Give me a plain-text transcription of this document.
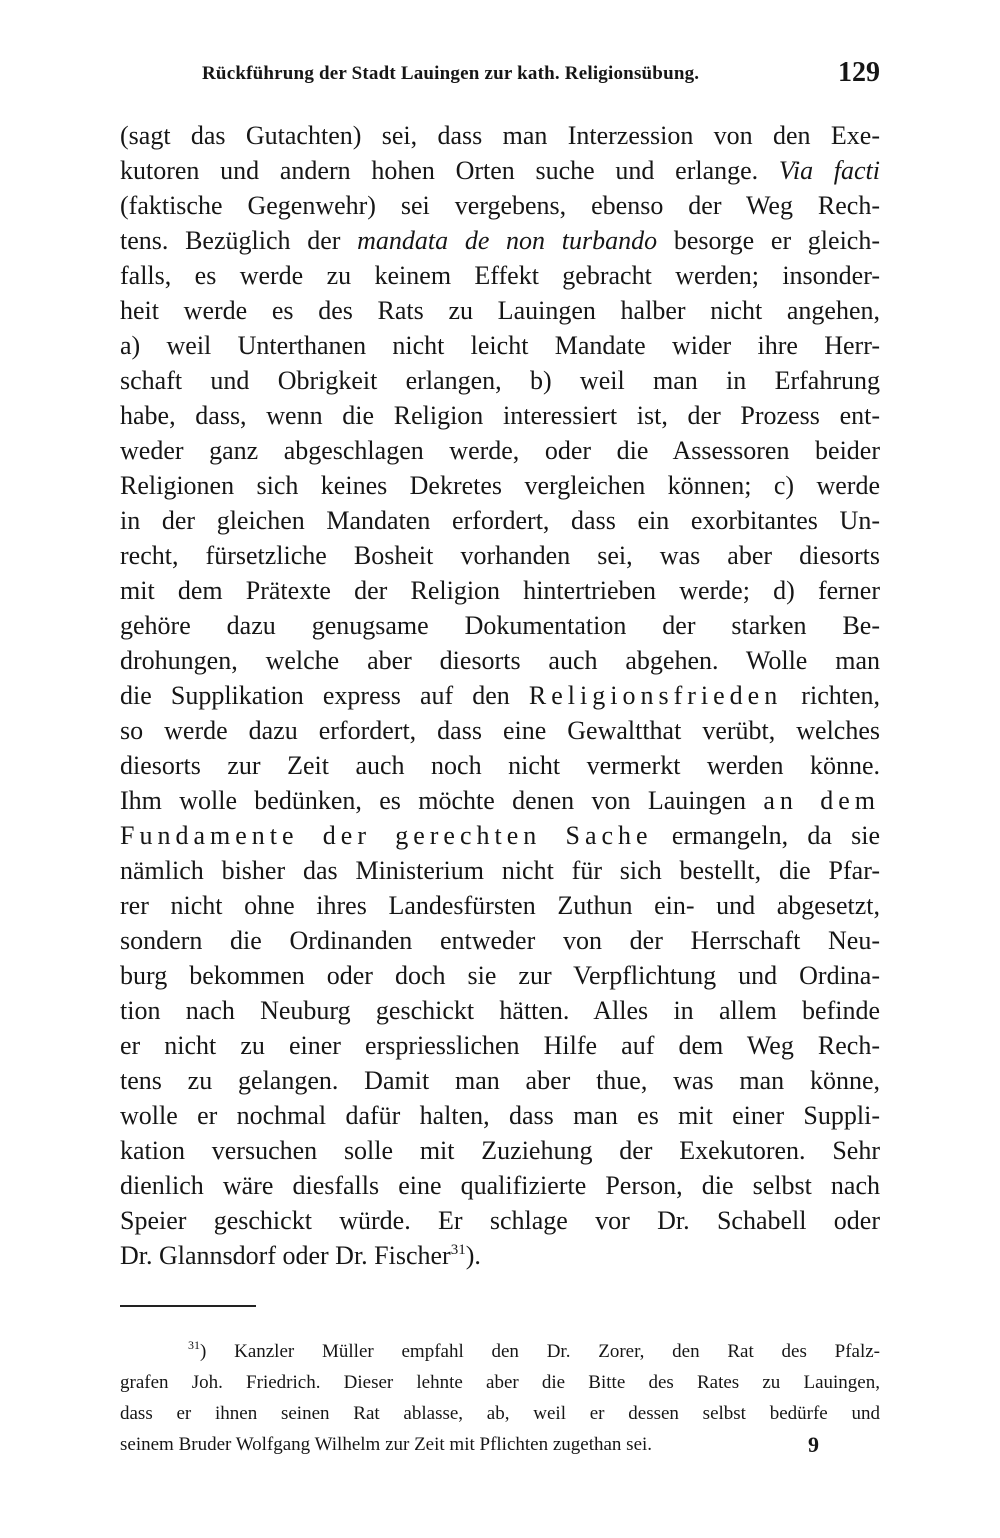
Rückführung der Stadt Lauingen zur kath. Religionsübung.	129
(sagt das Gutachten) sei, dass man Interzession von den Exe-
kutoren und andern hohen Orten suche und erlange. Via facti
(faktische Gegenwehr) sei vergebens, ebenso der Weg Rech-
tens. Bezüglich der mandata de non turbando besorge er gleich-
falls, es werde zu keinem Effekt gebracht werden; insonder-
heit werde es des Rats zu Lauingen halber nicht angehen,
a) weil Unterthanen nicht leicht Mandate wider ihre Herr-
schaft und Obrigkeit erlangen, b) weil man in Erfahrung
habe, dass, wenn die Religion interessiert ist, der Prozess ent-
weder ganz abgeschlagen werde, oder die Assessoren beider
Religionen sich keines Dekretes vergleichen können; c) werde
in der gleichen Mandaten erfordert, dass ein exorbitantes Un-
recht, fürsetzliche Bosheit vorhanden sei, was aber diesorts
mit dem Prätexte der Religion hintertrieben werde; d) ferner
gehöre dazu genugsame Dokumentation der starken Be-
drohungen, welche aber diesorts auch abgehen. Wolle man
die Supplikation express auf den Religionsfrieden richten,
so werde dazu erfordert, dass eine Gewaltthat verübt, welches
diesorts zur Zeit auch noch nicht vermerkt werden könne.
Ihm wolle bedünken, es möchte denen von Lauingen an dem
Fundamente der gerechten Sache ermangeln, da sie
nämlich bisher das Ministerium nicht für sich bestellt, die Pfar-
rer nicht ohne ihres Landesfürsten Zuthun ein- und abgesetzt,
sondern die Ordinanden entweder von der Herrschaft Neu-
burg bekommen oder doch sie zur Verpflichtung und Ordina-
tion nach Neuburg geschickt hätten. Alles in allem befinde
er nicht zu einer erspriesslichen Hilfe auf dem Weg Rech-
tens zu gelangen. Damit man aber thue, was man könne,
wolle er nochmal dafür halten, dass man es mit einer Suppli-
kation versuchen solle mit Zuziehung der Exekutoren. Sehr
dienlich wäre diesfalls eine qualifizierte Person, die selbst nach
Speier geschickt würde. Er schlage vor Dr. Schabell oder
Dr. Glannsdorf oder Dr. Fischer$^{31}$).
$^{31}$) Kanzler Müller empfahl den Dr. Zorer, den Rat des Pfalz-
grafen Joh. Friedrich. Dieser lehnte aber die Bitte des Rates zu Lauingen,
dass er ihnen seinen Rat ablasse, ab, weil er dessen selbst bedürfe und
seinem Bruder Wolfgang Wilhelm zur Zeit mit Pflichten zugethan sei.	9
